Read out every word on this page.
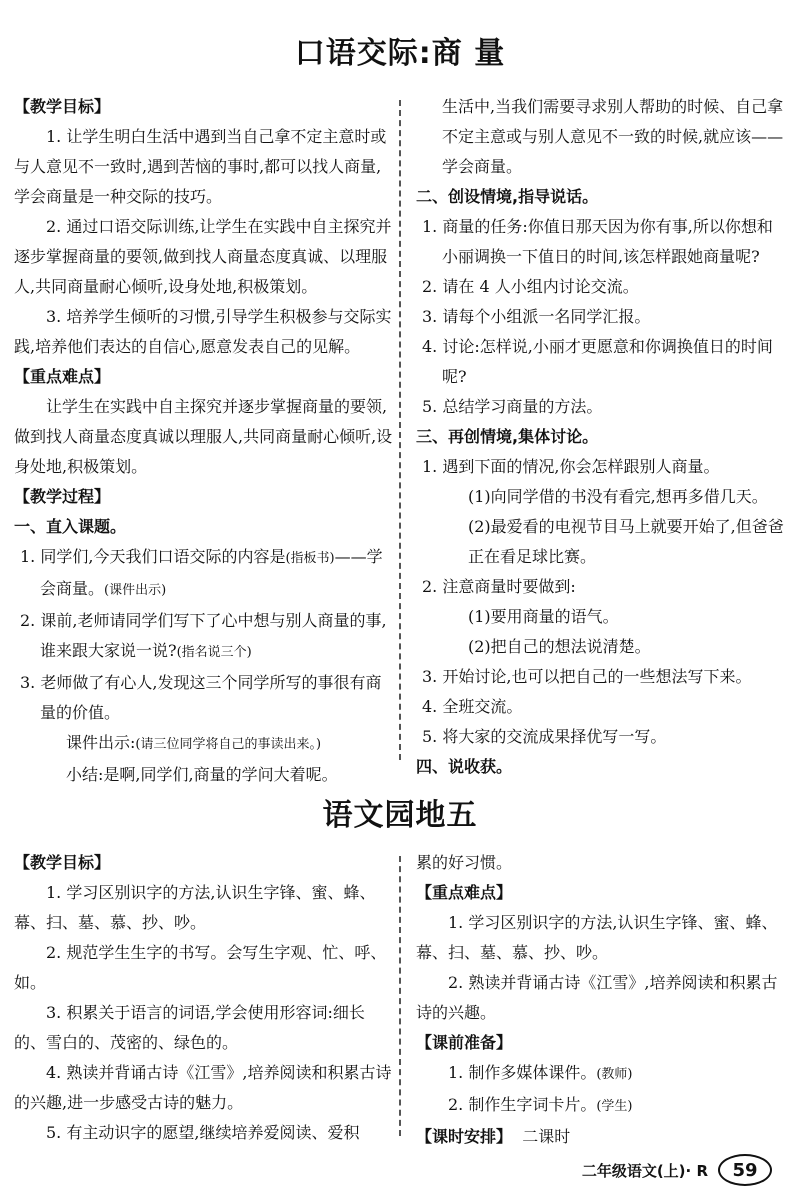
口语交际:商 量

【教学目标】

1. 让学生明白生活中遇到当自己拿不定主意时或与人意见不一致时,遇到苦恼的事时,都可以找人商量,学会商量是一种交际的技巧。

2. 通过口语交际训练,让学生在实践中自主探究并逐步掌握商量的要领,做到找人商量态度真诚、以理服人,共同商量耐心倾听,设身处地,积极策划。

3. 培养学生倾听的习惯,引导学生积极参与交际实践,培养他们表达的自信心,愿意发表自己的见解。

【重点难点】

让学生在实践中自主探究并逐步掌握商量的要领,做到找人商量态度真诚以理服人,共同商量耐心倾听,设身处地,积极策划。

【教学过程】

一、直入课题。

1. 同学们,今天我们口语交际的内容是(指板书)——学会商量。(课件出示)

2. 课前,老师请同学们写下了心中想与别人商量的事,谁来跟大家说一说?(指名说三个)

3. 老师做了有心人,发现这三个同学所写的事很有商量的价值。

课件出示:(请三位同学将自己的事读出来。)

小结:是啊,同学们,商量的学问大着呢。

生活中,当我们需要寻求别人帮助的时候、自己拿不定主意或与别人意见不一致的时候,就应该——学会商量。

二、创设情境,指导说话。

1. 商量的任务:你值日那天因为你有事,所以你想和小丽调换一下值日的时间,该怎样跟她商量呢?

2. 请在 4 人小组内讨论交流。

3. 请每个小组派一名同学汇报。

4. 讨论:怎样说,小丽才更愿意和你调换值日的时间呢?

5. 总结学习商量的方法。

三、再创情境,集体讨论。

1. 遇到下面的情况,你会怎样跟别人商量。

(1)向同学借的书没有看完,想再多借几天。

(2)最爱看的电视节目马上就要开始了,但爸爸正在看足球比赛。

2. 注意商量时要做到:

(1)要用商量的语气。

(2)把自己的想法说清楚。

3. 开始讨论,也可以把自己的一些想法写下来。

4. 全班交流。

5. 将大家的交流成果择优写一写。

四、说收获。

语文园地五

【教学目标】

1. 学习区别识字的方法,认识生字锋、蜜、蜂、幕、扫、墓、慕、抄、吵。

2. 规范学生生字的书写。会写生字观、忙、呼、如。

3. 积累关于语言的词语,学会使用形容词:细长的、雪白的、茂密的、绿色的。

4. 熟读并背诵古诗《江雪》,培养阅读和积累古诗的兴趣,进一步感受古诗的魅力。

5. 有主动识字的愿望,继续培养爱阅读、爱积

累的好习惯。

【重点难点】

1. 学习区别识字的方法,认识生字锋、蜜、蜂、幕、扫、墓、慕、抄、吵。

2. 熟读并背诵古诗《江雪》,培养阅读和积累古诗的兴趣。

【课前准备】

1. 制作多媒体课件。(教师)

2. 制作生字词卡片。(学生)

【课时安排】 二课时

二年级语文(上)· R 59
